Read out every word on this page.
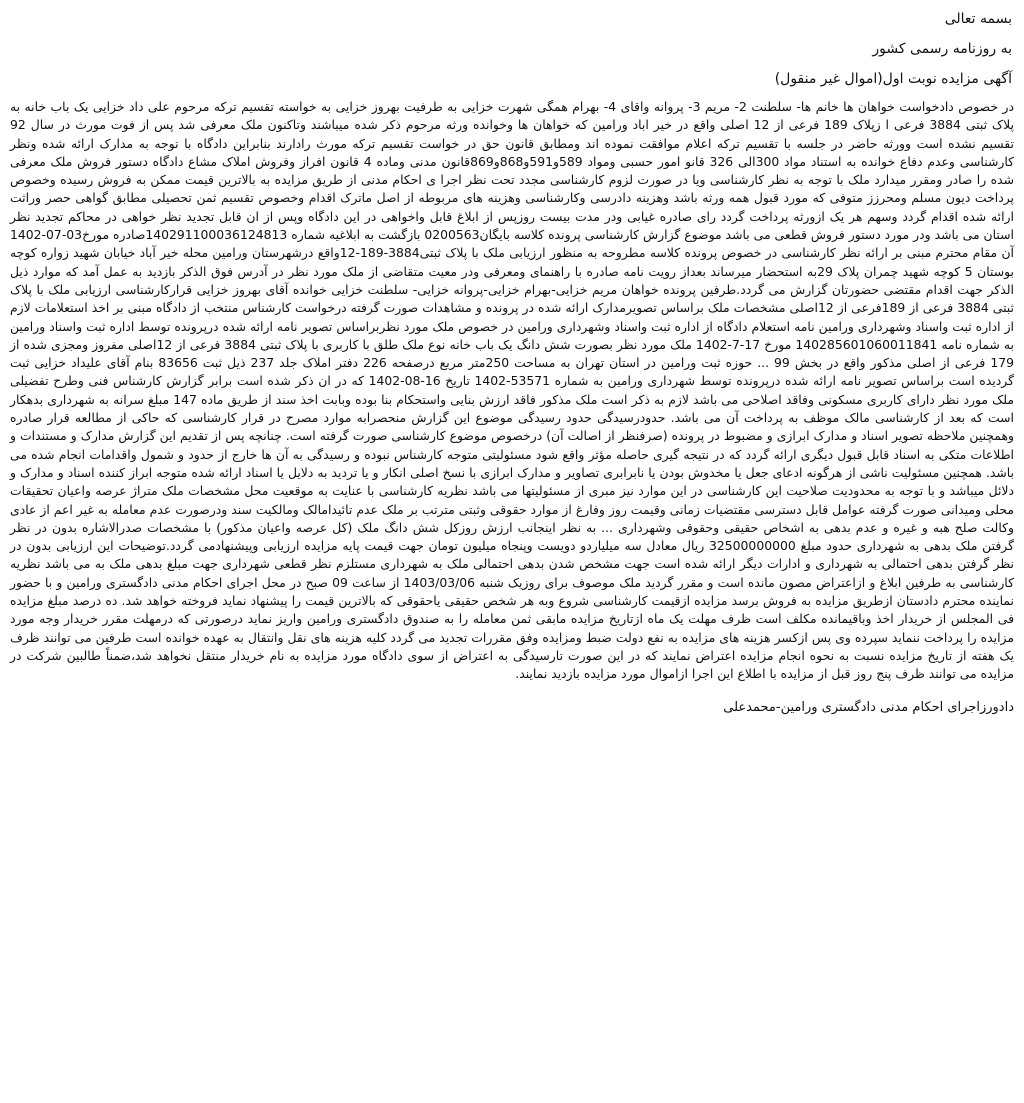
بسمه تعالی
به روزنامه رسمی کشور
آگهی مزایده نوبت اول(اموال غیر منقول)

در خصوص دادخواست خواهان ها خانم ها- سلطنت 2- مریم 3- پروانه واقای 4- بهرام همگی شهرت خزایی به طرفیت بهروز خزایی به خواسته تقسیم ترکه مرحوم علی داد خزایی یک باب خانه به پلاک ثبتی 3884 فرعی ا زپلاک 189 فرعی از 12 اصلی واقع در خیر اباد ورامین که خواهان ها وخوانده ورثه مرحوم ذکر شده میباشند وتاکنون ملک معرفی شد پس از فوت مورث در سال 92 تقسیم نشده است وورثه حاضر در جلسه با تقسیم ترکه اعلام موافقت نموده اند ومطابق قانون حق در خواست تقسیم ترکه مورث رادارند بنابراین دادگاه با توجه به مدارک ارائه شده ونظر کارشناسی وعدم دفاع خوانده به استناد مواد 300الی 326 قانو امور حسبی ومواد 589و591و868و869قانون مدنی وماده 4 قانون افراز وفروش املاک مشاع دادگاه دستور فروش ملک معرفی شده را صادر ومقرر میدارد ملک با توجه به نظر کارشناسی ویا در صورت لزوم کارشناسی مجدد تحت نظر اجرا ی احکام مدنی از طریق مزایده به بالاترین قیمت ممکن به فروش رسیده وخصوص پرداخت دیون مسلم ومحرزز متوفی که مورد قبول همه ورثه باشد وهزینه دادرسی وکارشناسی وهزینه های مربوطه از اصل ماترک اقدام وخصوص تقسیم ثمن تحصیلی مطابق گواهی حصر وراثت ارائه شده اقدام گردد وسهم هر یک ازورثه پرداخت گردد رای صادره غیابی ودر مدت بیست روزپس از ابلاغ قابل واخواهی در این دادگاه وپس از ان قابل تجدید نظر خواهی در محاکم تجدید نظر استان می باشد ودر مورد دستور فروش قطعی می باشد موضوع گزارش کارشناسی پرونده کلاسه بایگان0200563 بازگشت به ابلاغیه شماره 140291100036124813صادره مورخ03-07-1402 آن مقام محترم مبنی بر ارائه نظر کارشناسی در خصوص پرونده کلاسه مطروحه به منظور ارزیابی ملک با پلاک ثبتی3884-189-12واقع درشهرستان ورامین محله خیر آباد خیابان شهید زواره کوچه بوستان 5 کوچه شهید چمران پلاک 29به استحضار میرساند بعداز رویت نامه صادره با راهنمای ومعرفی ودر معیت متقاضی از ملک مورد نظر در آدرس فوق الذکر بازدید به عمل آمد که موارد ذیل الذکر جهت اقدام مقتضی حضورتان گزارش می گردد.طرفین پرونده خواهان مریم خزایی-بهرام خزایی-پروانه خزایی- سلطنت خزایی خوانده آقای بهروز خزایی قرارکارشناسی ارزیابی ملک با پلاک ثبتی 3884 فرعی از 189فرعی از 12اصلی مشخصات ملک براساس تصویرمدارک ارائه شده در پرونده و مشاهدات صورت گرفته درخواست کارشناس منتخب از دادگاه مبنی بر اخذ استعلامات لازم از اداره ثبت واسناد وشهرداری ورامین نامه استعلام دادگاه از اداره ثبت واسناد وشهرداری ورامین در خصوص ملک مورد نظربراساس تصویر نامه ارائه شده درپرونده توسط اداره ثبت واسناد ورامین به شماره نامه 140285601060011841 مورخ 17-7-1402 ملک مورد نظر بصورت شش دانگ یک باب خانه نوع ملک طلق با کاربری با پلاک ثبتی 3884 فرعی از 12اصلی مفروز ومجزی شده از 179 فرعی از اصلی مذکور واقع در بخش 99 ... حوزه ثبت ورامین در استان تهران به مساحت 250متر مربع درصفحه 226 دفتر املاک جلد 237 ذیل ثبت 83656 بنام آقای علیداد خزایی ثبت گردیده است براساس تصویر نامه ارائه شده درپرونده توسط شهرداری ورامین به شماره 53571-1402 تاریخ 16-08-1402 که در ان ذکر شده است برابر گزارش کارشناس فنی وطرح تفضیلی ملک مورد نظر دارای کاربری مسکونی وفاقد اصلاحی می باشد لازم به ذکر است ملک مذکور فاقد ارزش بنایی واستحکام بنا بوده وبابت اخذ سند از طریق ماده 147 مبلغ سرانه به شهرداری بدهکار است که بعد از کارشناسی مالک موظف به پرداخت آن می باشد. حدودرسیدگی حدود رسیدگی موضوع این گزارش منحصرابه موارد مصرح در قرار کارشناسی که حاکی از مطالعه قرار صادره وهمچنین ملاحظه تصویر اسناد و مدارک ابرازی و مضبوط در پرونده (صرفنظر از اصالت آن) درخصوص موضوع کارشناسی صورت گرفته است. چنانچه پس از تقدیم این گزارش مدارک و مستندات و اطلاعات متکی به اسناد قابل قبول دیگری ارائه گردد که در نتیجه گیری حاصله مؤثر واقع شود مسئولیتی متوجه کارشناس نبوده و رسیدگی به آن ها خارج از حدود و شمول واقدامات انجام شده می باشد. همچنین مسئولیت ناشی از هرگونه ادعای جعل یا مخدوش بودن یا نابرابری تصاویر و مدارک ابرازی با نسخ اصلی انکار و یا تردید به دلایل یا اسناد ارائه شده متوجه ابراز کننده اسناد و مدارک و دلائل میباشد و با توجه به محدودیت صلاحیت این کارشناسی در این موارد نیز مبری از مسئولیتها می باشد نظریه کارشناسی با عنایت به موقعیت محل مشخصات ملک متراژ عرصه واعیان تحقیقات محلی ومیدانی صورت گرفته عوامل قابل دسترسی مقتضیات زمانی وقیمت روز وفارغ از موارد حقوقی وثبتی مترتب بر ملک عدم تائیدامالک ومالکیت سند ودرصورت عدم معامله به غیر اعم از عادی وکالت صلح هبه و غیره و عدم بدهی به اشخاص حقیقی وحقوقی وشهرداری ... به نظر اینجانب ارزش روزکل شش دانگ ملک (کل عرصه واعیان مذکور) با مشخصات صدرالاشاره بدون در نظر گرفتن ملک بدهی به شهرداری حدود مبلغ 32500000000 ریال معادل سه میلیاردو دویست وپنجاه میلیون تومان جهت قیمت پایه مزایده ارزیابی وپیشنهادمی گردد.توضیحات این ارزیابی بدون در نظر گرفتن بدهی احتمالی به شهرداری و ادارات دیگر ارائه شده است جهت مشخص شدن بدهی احتمالی ملک به شهرداری مستلزم نظر قطعی شهرداری جهت مبلغ بدهی ملک به می باشد نظریه کارشناسی به طرفین ابلاغ و ازاعتراض مصون مانده است و مقرر گردید ملک موصوف برای روزیک شنبه 1403/03/06 از ساعت 09 صبح در محل اجرای احکام مدنی دادگستری ورامین و با حضور نماینده محترم دادستان ازطریق مزایده به فروش برسد مزایده ازقیمت کارشناسی شروع وبه هر شخص حقیقی یاحقوقی که بالاترین قیمت را پیشنهاد نماید فروخته خواهد شد. ده درصد مبلغ مزایده فی المجلس از خریدار اخذ وباقیمانده مکلف است ظرف مهلت یک ماه ازتاریخ مزایده مابقی ثمن معامله را به صندوق دادگستری ورامین واریز نماید درصورتی که درمهلت مقرر خریدار وجه مورد مزایده را پرداخت ننماید سپرده وی پس ازکسر هزینه های مزایده به نفع دولت ضبط ومزایده وفق مقررات تجدید می گردد کلیه هزینه های نقل وانتقال به عهده خوانده است طرفین می توانند ظرف یک هفته از تاریخ مزایده نسبت به نحوه انجام مزایده اعتراض نمایند که در این صورت تارسیدگی به اعتراض از سوی دادگاه مورد مزایده به نام خریدار منتقل نخواهد شد،ضمناً طالبین شرکت در مزایده می توانند ظرف پنج روز قبل از مزایده با اطلاع این اجرا ازاموال مورد مزایده بازدید نمایند.

دادورزاجرای احکام مدنی دادگستری ورامین-محمدعلی
